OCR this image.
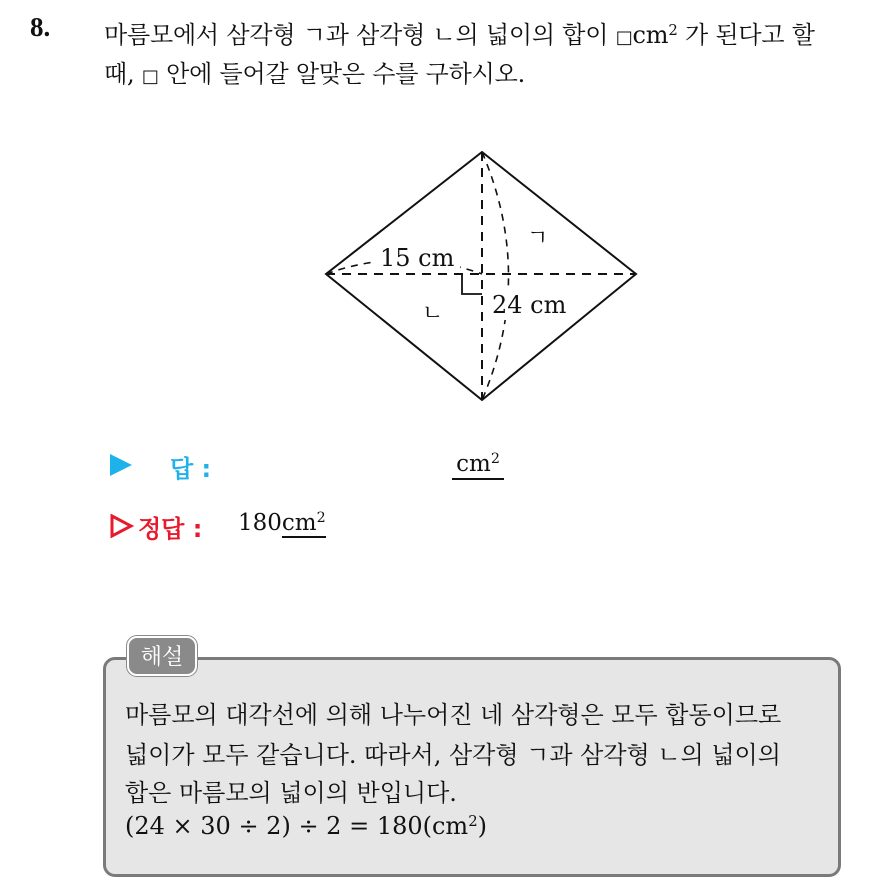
8. 마름모에서 삼각형 ㄱ과 삼각형 ㄴ의 넓이의 합이 $□cm^2$ 가 된다고 할
때, □ 안에 들어갈 알맞은 수를 구하시오.
15 cm
24 cm
ㄱ
ㄴ
답 :	$cm^2$
정답 : $180cm^2$
해설
마름모의 대각선에 의해 나누어진 네 삼각형은 모두 합동이므로
넓이가 모두 같습니다. 따라서, 삼각형 ㄱ과 삼각형 ㄴ의 넓이의
합은 마름모의 넓이의 반입니다.
$(24 \times 30 \div 2) \div 2 = 180(cm^2)$
